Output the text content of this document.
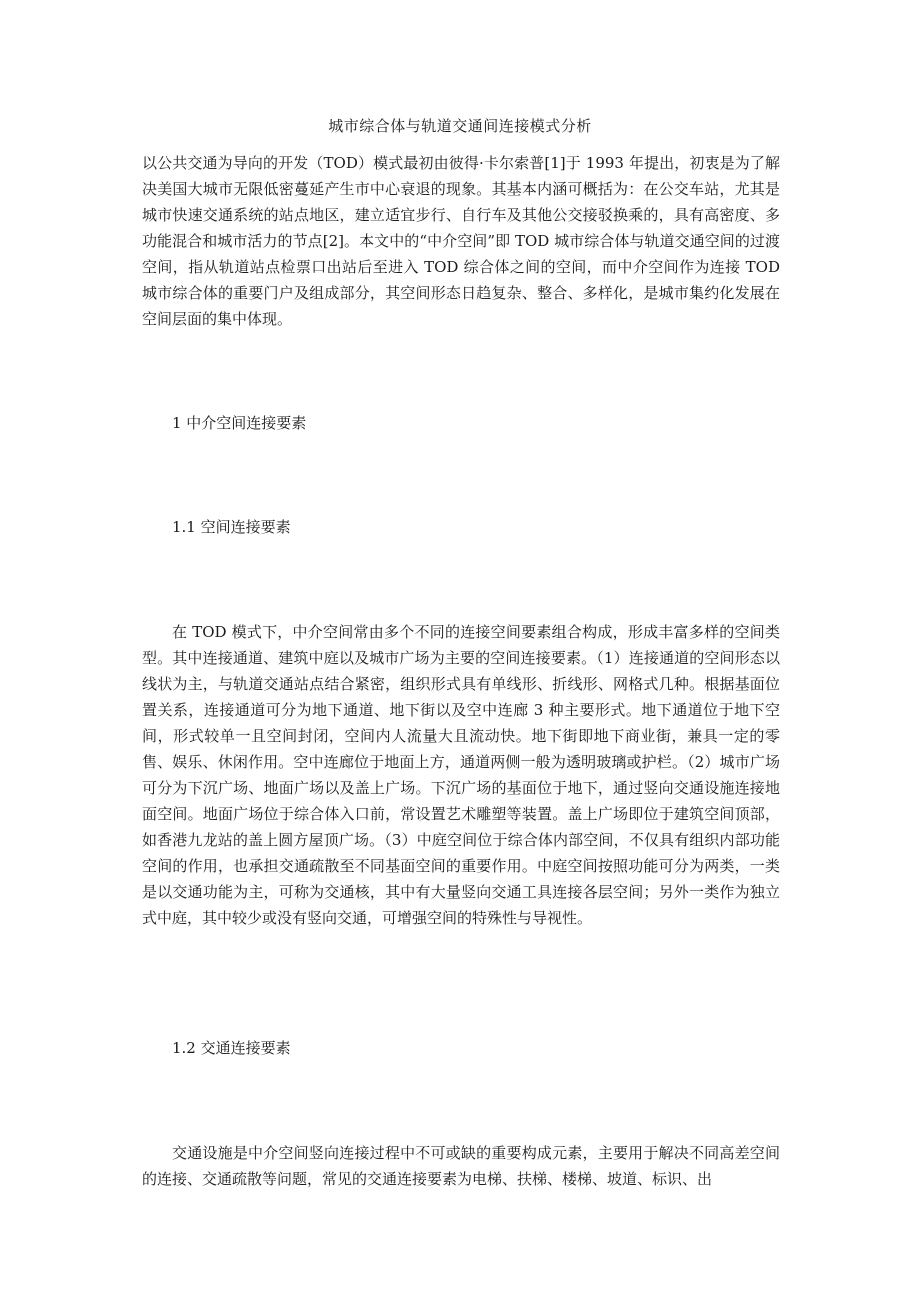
城市综合体与轨道交通间连接模式分析

以公共交通为导向的开发（TOD）模式最初由彼得·卡尔索普[1]于 1993 年提出，初衷是为了解决美国大城市无限低密蔓延产生市中心衰退的现象。其基本内涵可概括为：在公交车站，尤其是城市快速交通系统的站点地区，建立适宜步行、自行车及其他公交接驳换乘的，具有高密度、多功能混合和城市活力的节点[2]。本文中的“中介空间”即 TOD 城市综合体与轨道交通空间的过渡空间，指从轨道站点检票口出站后至进入 TOD 综合体之间的空间，而中介空间作为连接 TOD 城市综合体的重要门户及组成部分，其空间形态日趋复杂、整合、多样化，是城市集约化发展在空间层面的集中体现。

1 中介空间连接要素

1.1 空间连接要素

在 TOD 模式下，中介空间常由多个不同的连接空间要素组合构成，形成丰富多样的空间类型。其中连接通道、建筑中庭以及城市广场为主要的空间连接要素。（1）连接通道的空间形态以线状为主，与轨道交通站点结合紧密，组织形式具有单线形、折线形、网格式几种。根据基面位置关系，连接通道可分为地下通道、地下街以及空中连廊 3 种主要形式。地下通道位于地下空间，形式较单一且空间封闭，空间内人流量大且流动快。地下街即地下商业街，兼具一定的零售、娱乐、休闲作用。空中连廊位于地面上方，通道两侧一般为透明玻璃或护栏。（2）城市广场可分为下沉广场、地面广场以及盖上广场。下沉广场的基面位于地下，通过竖向交通设施连接地面空间。地面广场位于综合体入口前，常设置艺术雕塑等装置。盖上广场即位于建筑空间顶部，如香港九龙站的盖上圆方屋顶广场。（3）中庭空间位于综合体内部空间，不仅具有组织内部功能空间的作用，也承担交通疏散至不同基面空间的重要作用。中庭空间按照功能可分为两类，一类是以交通功能为主，可称为交通核，其中有大量竖向交通工具连接各层空间；另外一类作为独立式中庭，其中较少或没有竖向交通，可增强空间的特殊性与导视性。

1.2 交通连接要素

交通设施是中介空间竖向连接过程中不可或缺的重要构成元素，主要用于解决不同高差空间的连接、交通疏散等问题，常见的交通连接要素为电梯、扶梯、楼梯、坡道、标识、出
